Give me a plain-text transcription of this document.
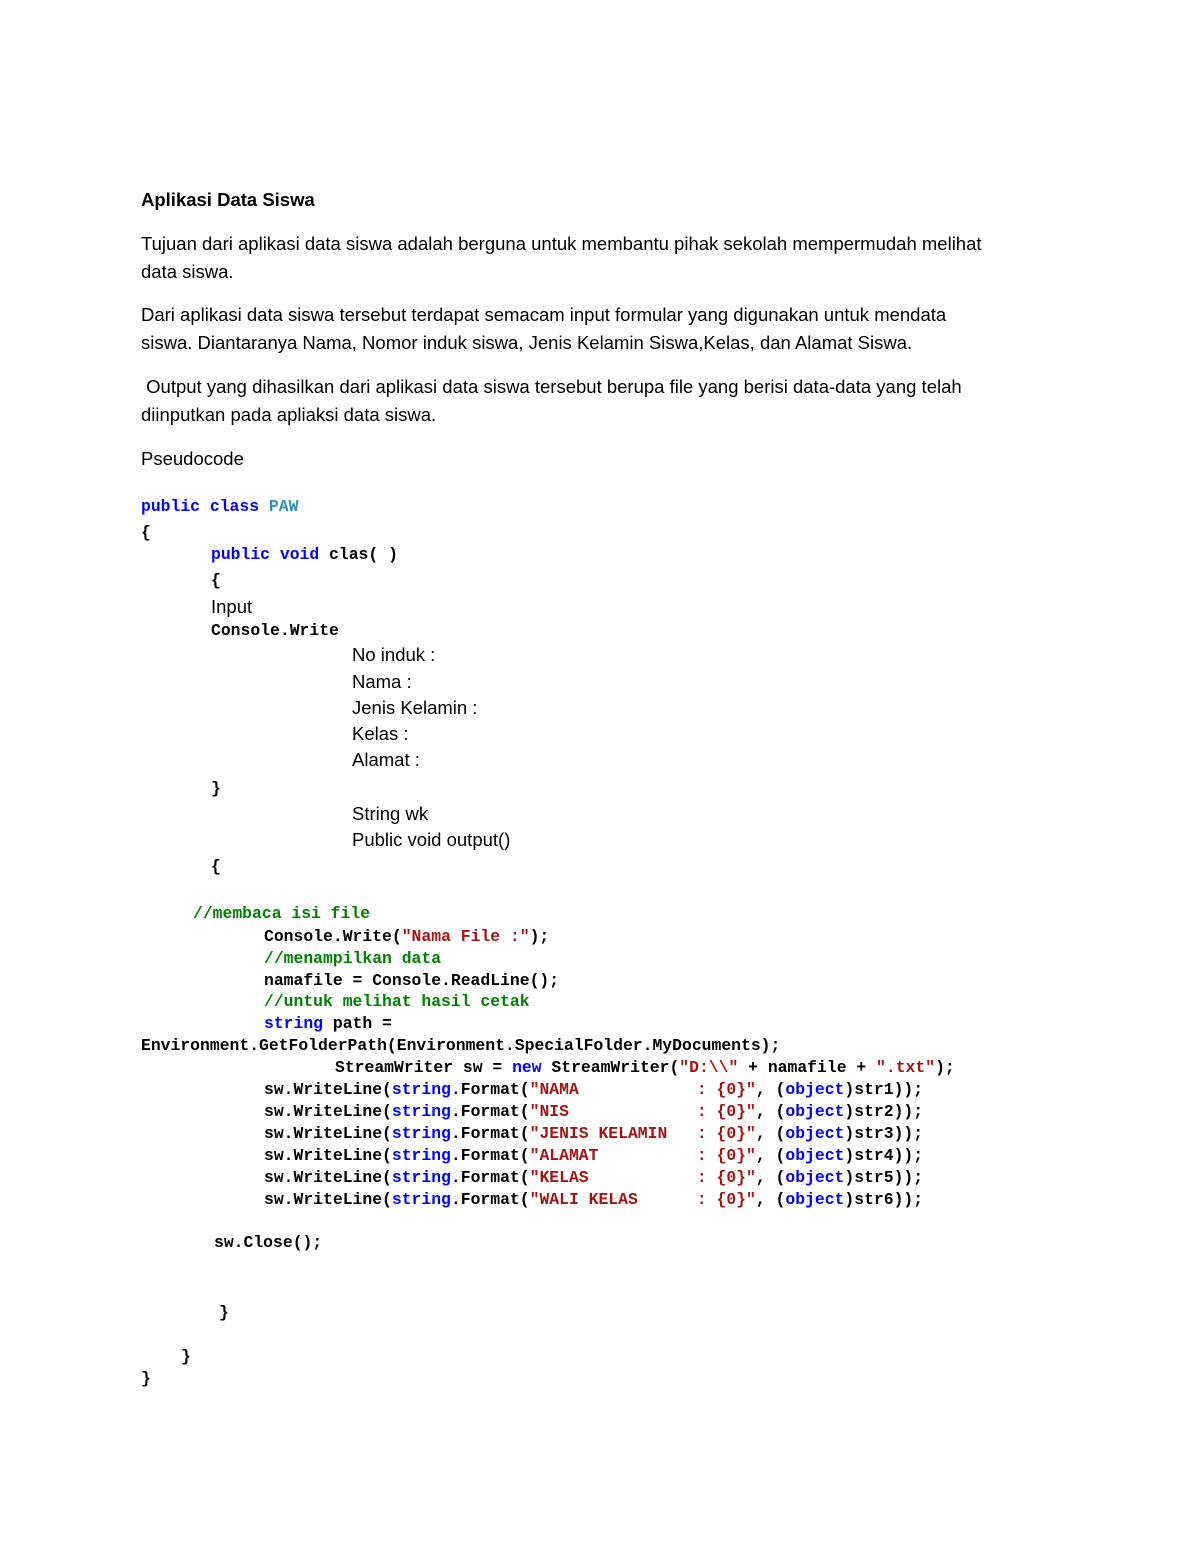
Aplikasi Data Siswa
Tujuan dari aplikasi data siswa adalah berguna untuk membantu pihak sekolah mempermudah melihat
data siswa.
Dari aplikasi data siswa tersebut terdapat semacam input formular yang digunakan untuk mendata
siswa. Diantaranya Nama, Nomor induk siswa, Jenis Kelamin Siswa,Kelas, dan Alamat Siswa.
Output yang dihasilkan dari aplikasi data siswa tersebut berupa file yang berisi data-data yang telah
diinputkan pada apliaksi data siswa.
Pseudocode
public class PAW
{
public void clas( )
{
Input
Console.Write
No induk :
Nama :
Jenis Kelamin :
Kelas :
Alamat :
}
String wk
Public void output()
{
//membaca isi file
Console.Write("Nama File :");
//menampilkan data
namafile = Console.ReadLine();
//untuk melihat hasil cetak
string path =
Environment.GetFolderPath(Environment.SpecialFolder.MyDocuments);
StreamWriter sw = new StreamWriter("D:\\" + namafile + ".txt");
sw.WriteLine(string.Format("NAMA            : {0}", (object)str1));
sw.WriteLine(string.Format("NIS             : {0}", (object)str2));
sw.WriteLine(string.Format("JENIS KELAMIN   : {0}", (object)str3));
sw.WriteLine(string.Format("ALAMAT          : {0}", (object)str4));
sw.WriteLine(string.Format("KELAS           : {0}", (object)str5));
sw.WriteLine(string.Format("WALI KELAS      : {0}", (object)str6));
sw.Close();
}
}
}
